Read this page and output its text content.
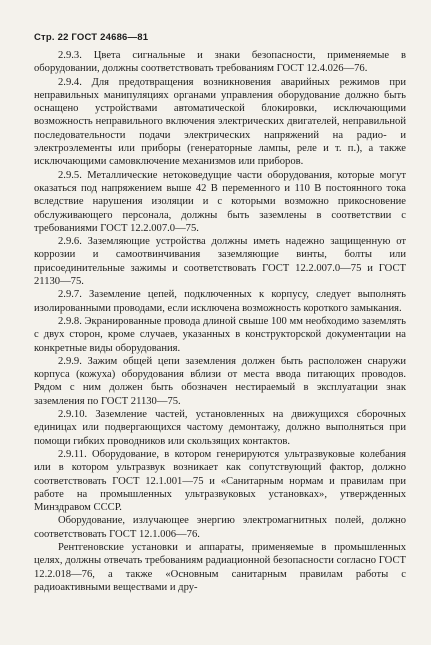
Стр. 22 ГОСТ 24686—81

2.9.3. Цвета сигнальные и знаки безопасности, применяемые в оборудовании, должны соответствовать требованиям ГОСТ 12.4.026—76.

2.9.4. Для предотвращения возникновения аварийных режимов при неправильных манипуляциях органами управления оборудование должно быть оснащено устройствами автоматической блокировки, исключающими возможность неправильного включения электрических двигателей, неправильной последовательности подачи электрических напряжений на радио- и электроэлементы или приборы (генераторные лампы, реле и т. п.), а также исключающими самовключение механизмов или приборов.

2.9.5. Металлические нетоковедущие части оборудования, которые могут оказаться под напряжением выше 42 В переменного и 110 В постоянного тока вследствие нарушения изоляции и с которыми возможно прикосновение обслуживающего персонала, должны быть заземлены в соответствии с требованиями ГОСТ 12.2.007.0—75.

2.9.6. Заземляющие устройства должны иметь надежно защищенную от коррозии и самоотвинчивания заземляющие винты, болты или присоединительные зажимы и соответствовать ГОСТ 12.2.007.0—75 и ГОСТ 21130—75.

2.9.7. Заземление цепей, подключенных к корпусу, следует выполнять изолированными проводами, если исключена возможность короткого замыкания.

2.9.8. Экранированные провода длиной свыше 100 мм необходимо заземлять с двух сторон, кроме случаев, указанных в конструкторской документации на конкретные виды оборудования.

2.9.9. Зажим общей цепи заземления должен быть расположен снаружи корпуса (кожуха) оборудования вблизи от места ввода питающих проводов. Рядом с ним должен быть обозначен нестираемый в эксплуатации знак заземления по ГОСТ 21130—75.

2.9.10. Заземление частей, установленных на движущихся сборочных единицах или подвергающихся частому демонтажу, должно выполняться при помощи гибких проводников или скользящих контактов.

2.9.11. Оборудование, в котором генерируются ультразвуковые колебания или в котором ультразвук возникает как сопутствующий фактор, должно соответствовать ГОСТ 12.1.001—75 и «Санитарным нормам и правилам при работе на промышленных ультразвуковых установках», утвержденных Минздравом СССР.

Оборудование, излучающее энергию электромагнитных полей, должно соответствовать ГОСТ 12.1.006—76.

Рентгеновские установки и аппараты, применяемые в промышленных целях, должны отвечать требованиям радиационной безопасности согласно ГОСТ 12.2.018—76, а также «Основным санитарным правилам работы с радиоактивными веществами и дру-
